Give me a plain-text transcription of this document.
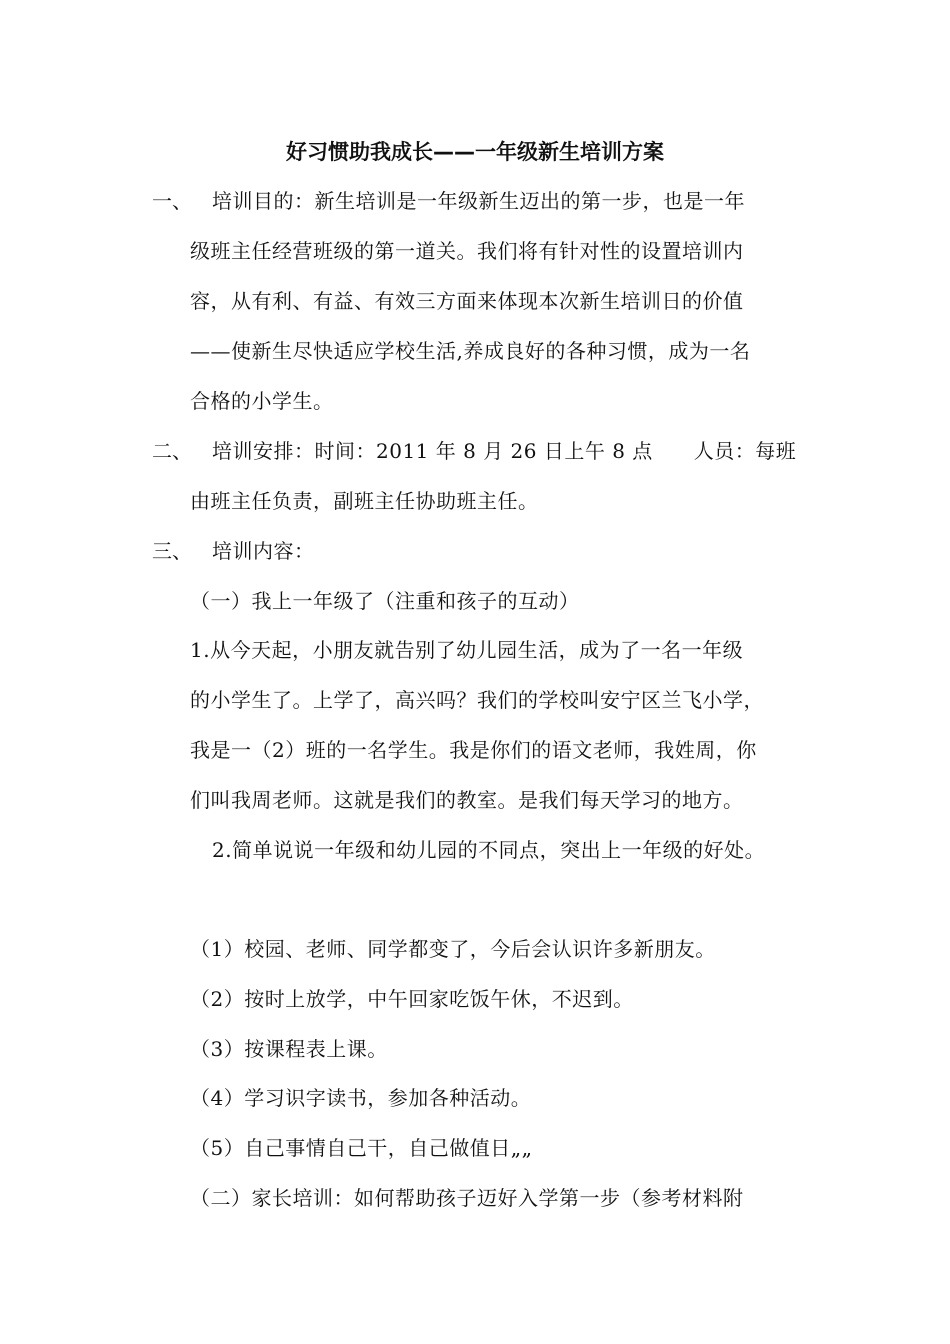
好习惯助我成长——一年级新生培训方案
一、 培训目的：新生培训是一年级新生迈出的第一步，也是一年
级班主任经营班级的第一道关。我们将有针对性的设置培训内
容，从有利、有益、有效三方面来体现本次新生培训日的价值
——使新生尽快适应学校生活,养成良好的各种习惯，成为一名
合格的小学生。
二、 培训安排：时间：2011 年 8 月 26 日上午 8 点　　人员：每班
由班主任负责，副班主任协助班主任。
三、 培训内容：
（一）我上一年级了（注重和孩子的互动）
1.从今天起，小朋友就告别了幼儿园生活，成为了一名一年级
的小学生了。上学了，高兴吗？我们的学校叫安宁区兰飞小学，
我是一（2）班的一名学生。我是你们的语文老师，我姓周，你
们叫我周老师。这就是我们的教室。是我们每天学习的地方。
2.简单说说一年级和幼儿园的不同点，突出上一年级的好处。
（1）校园、老师、同学都变了，今后会认识许多新朋友。
（2）按时上放学，中午回家吃饭午休，不迟到。
（3）按课程表上课。
（4）学习识字读书，参加各种活动。
（5）自己事情自己干，自己做值日„„
（二）家长培训：如何帮助孩子迈好入学第一步（参考材料附
